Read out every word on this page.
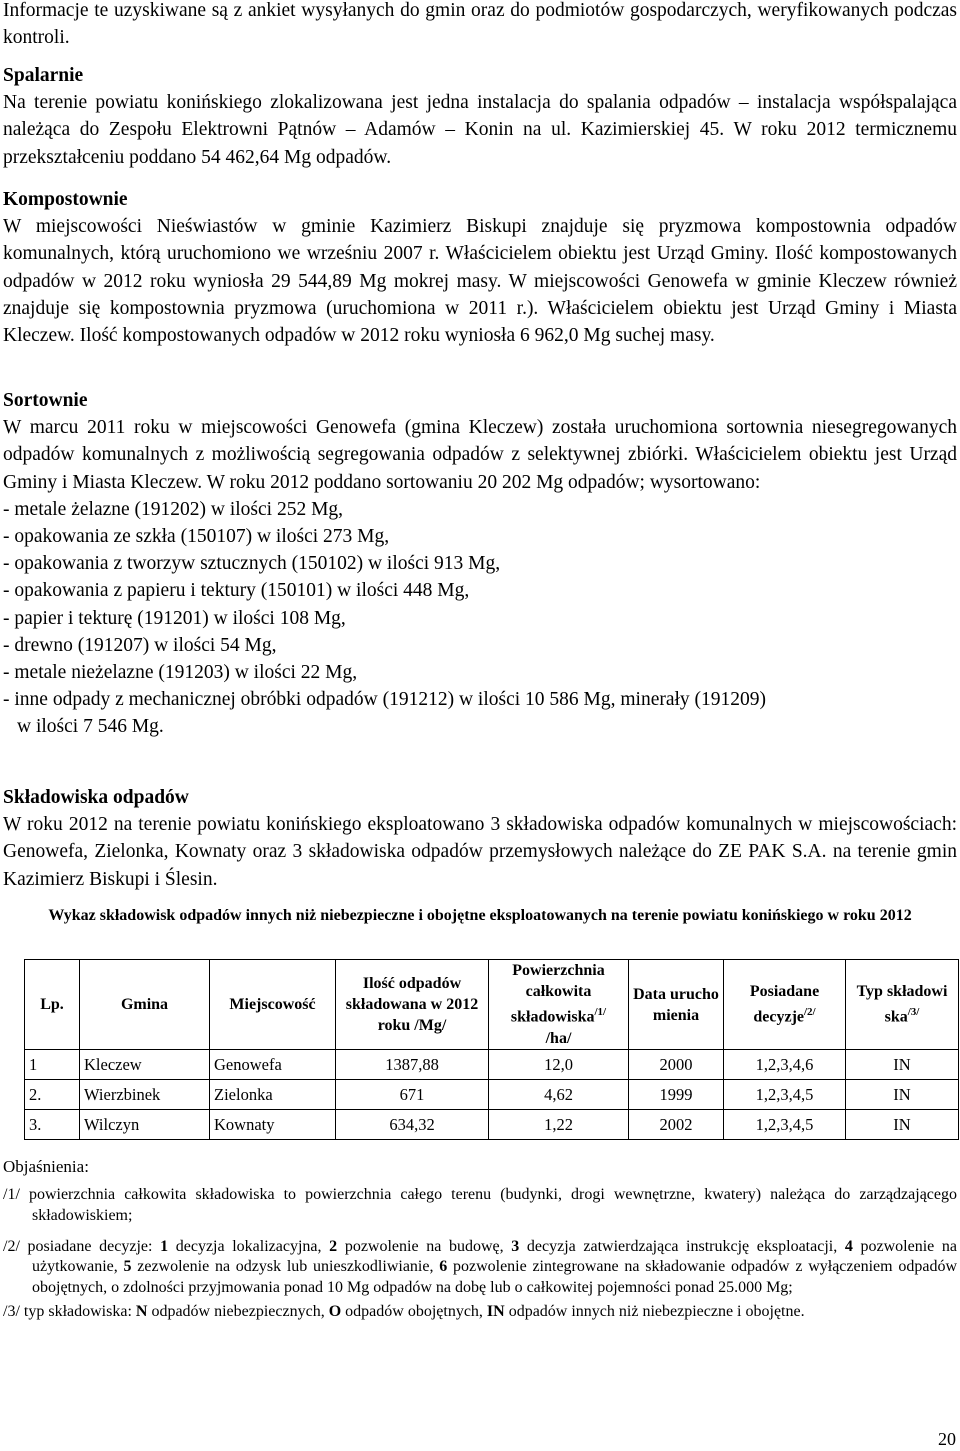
Informacje te uzyskiwane są z ankiet wysyłanych do gmin oraz do podmiotów gospodarczych, weryfikowanych podczas kontroli.

Spalarnie

Na terenie powiatu konińskiego zlokalizowana jest jedna instalacja do spalania odpadów – instalacja współspalająca należąca do Zespołu Elektrowni Pątnów – Adamów – Konin na ul. Kazimierskiej 45. W roku 2012 termicznemu przekształceniu poddano 54 462,64 Mg odpadów.

Kompostownie

W miejscowości Nieświastów w gminie Kazimierz Biskupi znajduje się pryzmowa kompostownia odpadów komunalnych, którą uruchomiono we wrześniu 2007 r. Właścicielem obiektu jest Urząd Gminy. Ilość kompostowanych odpadów w 2012 roku wyniosła 29 544,89 Mg mokrej masy. W miejscowości Genowefa w gminie Kleczew również znajduje się kompostownia pryzmowa (uruchomiona w 2011 r.). Właścicielem obiektu jest Urząd Gminy i Miasta Kleczew. Ilość kompostowanych odpadów w 2012 roku wyniosła 6 962,0 Mg suchej masy.

Sortownie

W marcu 2011 roku w miejscowości Genowefa (gmina Kleczew) została uruchomiona sortownia niesegregowanych odpadów komunalnych z możliwością segregowania odpadów z selektywnej zbiórki. Właścicielem obiektu jest Urząd Gminy i Miasta Kleczew. W roku 2012 poddano sortowaniu 20 202 Mg odpadów; wysortowano:

- metale żelazne (191202) w ilości 252 Mg,

- opakowania ze szkła (150107) w ilości 273 Mg,

- opakowania z tworzyw sztucznych (150102) w ilości 913 Mg,

- opakowania z papieru i tektury (150101) w ilości 448 Mg,

- papier i tekturę (191201) w ilości 108 Mg,

- drewno (191207) w ilości 54 Mg,

- metale nieżelazne (191203) w ilości 22 Mg,

- inne odpady z mechanicznej obróbki odpadów (191212) w ilości 10 586 Mg, minerały (191209)
w ilości 7 546 Mg.

Składowiska odpadów

W roku 2012 na terenie powiatu konińskiego eksploatowano 3 składowiska odpadów komunalnych w miejscowościach: Genowefa, Zielonka, Kownaty oraz 3 składowiska odpadów przemysłowych należące do ZE PAK S.A. na terenie gmin Kazimierz Biskupi i Ślesin.

Wykaz składowisk odpadów innych niż niebezpieczne i obojętne eksploatowanych na terenie powiatu konińskiego w roku 2012
Lp.	Gmina	Miejscowość	Ilość odpadów składowana w 2012 roku /Mg/	Powierzchnia całkowita składowiska$^{/1/}$
/ha/	Data urucho mienia	Posiadane decyzje$^{/2/}$	Typ składowi ska$^{/3/}$
1	Kleczew	Genowefa	1387,88	12,0	2000	1,2,3,4,6	IN
2.	Wierzbinek	Zielonka	671	4,62	1999	1,2,3,4,5	IN
3.	Wilczyn	Kownaty	634,32	1,22	2002	1,2,3,4,5	IN

Objaśnienia:

/1/ powierzchnia całkowita składowiska to powierzchnia całego terenu (budynki, drogi wewnętrzne, kwatery) należąca do zarządzającego składowiskiem;

/2/ posiadane decyzje: 1 decyzja lokalizacyjna, 2 pozwolenie na budowę, 3 decyzja zatwierdzająca instrukcję eksploatacji, 4 pozwolenie na użytkowanie, 5 zezwolenie na odzysk lub unieszkodliwianie, 6 pozwolenie zintegrowane na składowanie odpadów z wyłączeniem odpadów obojętnych, o zdolności przyjmowania ponad 10 Mg odpadów na dobę lub o całkowitej pojemności ponad 25.000 Mg;

/3/ typ składowiska: N odpadów niebezpiecznych, O odpadów obojętnych, IN odpadów innych niż niebezpieczne i obojętne.

20
